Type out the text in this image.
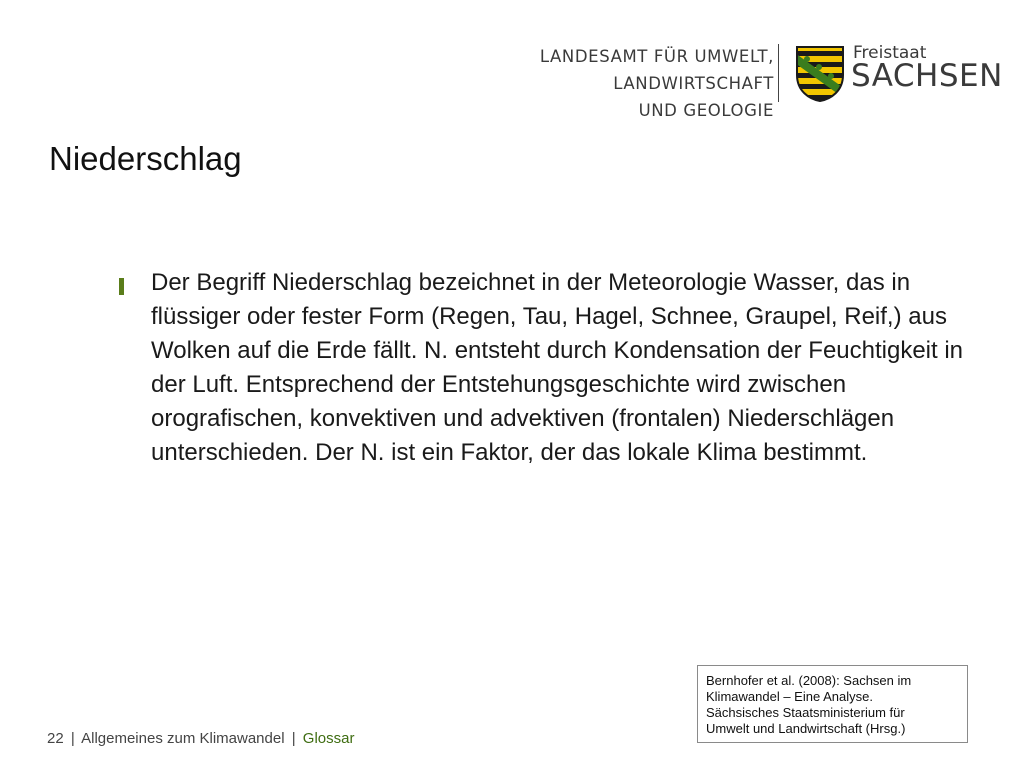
LANDESAMT FÜR UMWELT,
LANDWIRTSCHAFT
UND GEOLOGIE
Freistaat
SACHSEN
Niederschlag

Der Begriff Niederschlag bezeichnet in der Meteorologie Wasser, das in flüssiger oder fester Form (Regen, Tau, Hagel, Schnee, Graupel, Reif,) aus Wolken auf die Erde fällt. N. entsteht durch Kondensation der Feuchtigkeit in der Luft. Entsprechend der Entstehungsgeschichte wird zwischen orografischen, konvektiven und advektiven (frontalen) Niederschlägen unterschieden. Der N. ist ein Faktor, der das lokale Klima bestimmt.

Bernhofer et al. (2008): Sachsen im
Klimawandel – Eine Analyse.
Sächsisches Staatsministerium für
Umwelt und Landwirtschaft (Hrsg.)
22 | Allgemeines zum Klimawandel | Glossar
